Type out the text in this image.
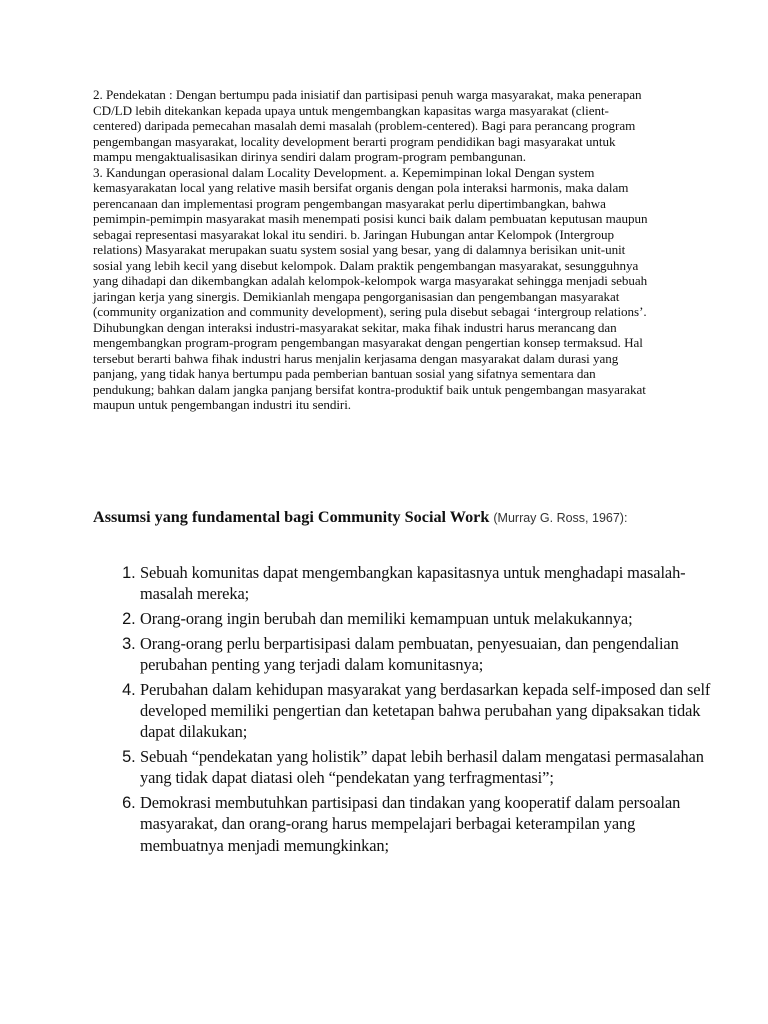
2. Pendekatan : Dengan bertumpu pada inisiatif dan partisipasi penuh warga masyarakat, maka penerapan CD/LD lebih ditekankan kepada upaya untuk mengembangkan kapasitas warga masyarakat (client-centered) daripada pemecahan masalah demi masalah (problem-centered). Bagi para perancang program pengembangan masyarakat, locality development berarti program pendidikan bagi masyarakat untuk mampu mengaktualisasikan dirinya sendiri dalam program-program pembangunan.

3. Kandungan operasional dalam Locality Development. a. Kepemimpinan lokal Dengan system kemasyarakatan local yang relative masih bersifat organis dengan pola interaksi harmonis, maka dalam perencanaan dan implementasi program pengembangan masyarakat perlu dipertimbangkan, bahwa pemimpin-pemimpin masyarakat masih menempati posisi kunci baik dalam pembuatan keputusan maupun sebagai representasi masyarakat lokal itu sendiri. b. Jaringan Hubungan antar Kelompok (Intergroup relations) Masyarakat merupakan suatu system sosial yang besar, yang di dalamnya berisikan unit-unit sosial yang lebih kecil yang disebut kelompok. Dalam praktik pengembangan masyarakat, sesungguhnya yang dihadapi dan dikembangkan adalah kelompok-kelompok warga masyarakat sehingga menjadi sebuah jaringan kerja yang sinergis. Demikianlah mengapa pengorganisasian dan pengembangan masyarakat (community organization and community development), sering pula disebut sebagai ‘intergroup relations’.

Dihubungkan dengan interaksi industri-masyarakat sekitar, maka fihak industri harus merancang dan mengembangkan program-program pengembangan masyarakat dengan pengertian konsep termaksud. Hal tersebut berarti bahwa fihak industri harus menjalin kerjasama dengan masyarakat dalam durasi yang panjang, yang tidak hanya bertumpu pada pemberian bantuan sosial yang sifatnya sementara dan pendukung; bahkan dalam jangka panjang bersifat kontra-produktif baik untuk pengembangan masyarakat maupun untuk pengembangan industri itu sendiri.

Assumsi yang fundamental bagi Community Social Work (Murray G. Ross, 1967):
1. Sebuah komunitas dapat mengembangkan kapasitasnya untuk menghadapi masalah-masalah mereka;
2. Orang-orang ingin berubah dan memiliki kemampuan untuk melakukannya;
3. Orang-orang perlu berpartisipasi dalam pembuatan, penyesuaian, dan pengendalian perubahan penting yang terjadi dalam komunitasnya;
4. Perubahan dalam kehidupan masyarakat yang berdasarkan kepada self-imposed dan self developed memiliki pengertian dan ketetapan bahwa perubahan yang dipaksakan tidak dapat dilakukan;
5. Sebuah “pendekatan yang holistik” dapat lebih berhasil dalam mengatasi permasalahan yang tidak dapat diatasi oleh “pendekatan yang terfragmentasi”;
6. Demokrasi membutuhkan partisipasi dan tindakan yang kooperatif dalam persoalan masyarakat, dan orang-orang harus mempelajari berbagai keterampilan yang membuatnya menjadi memungkinkan;
